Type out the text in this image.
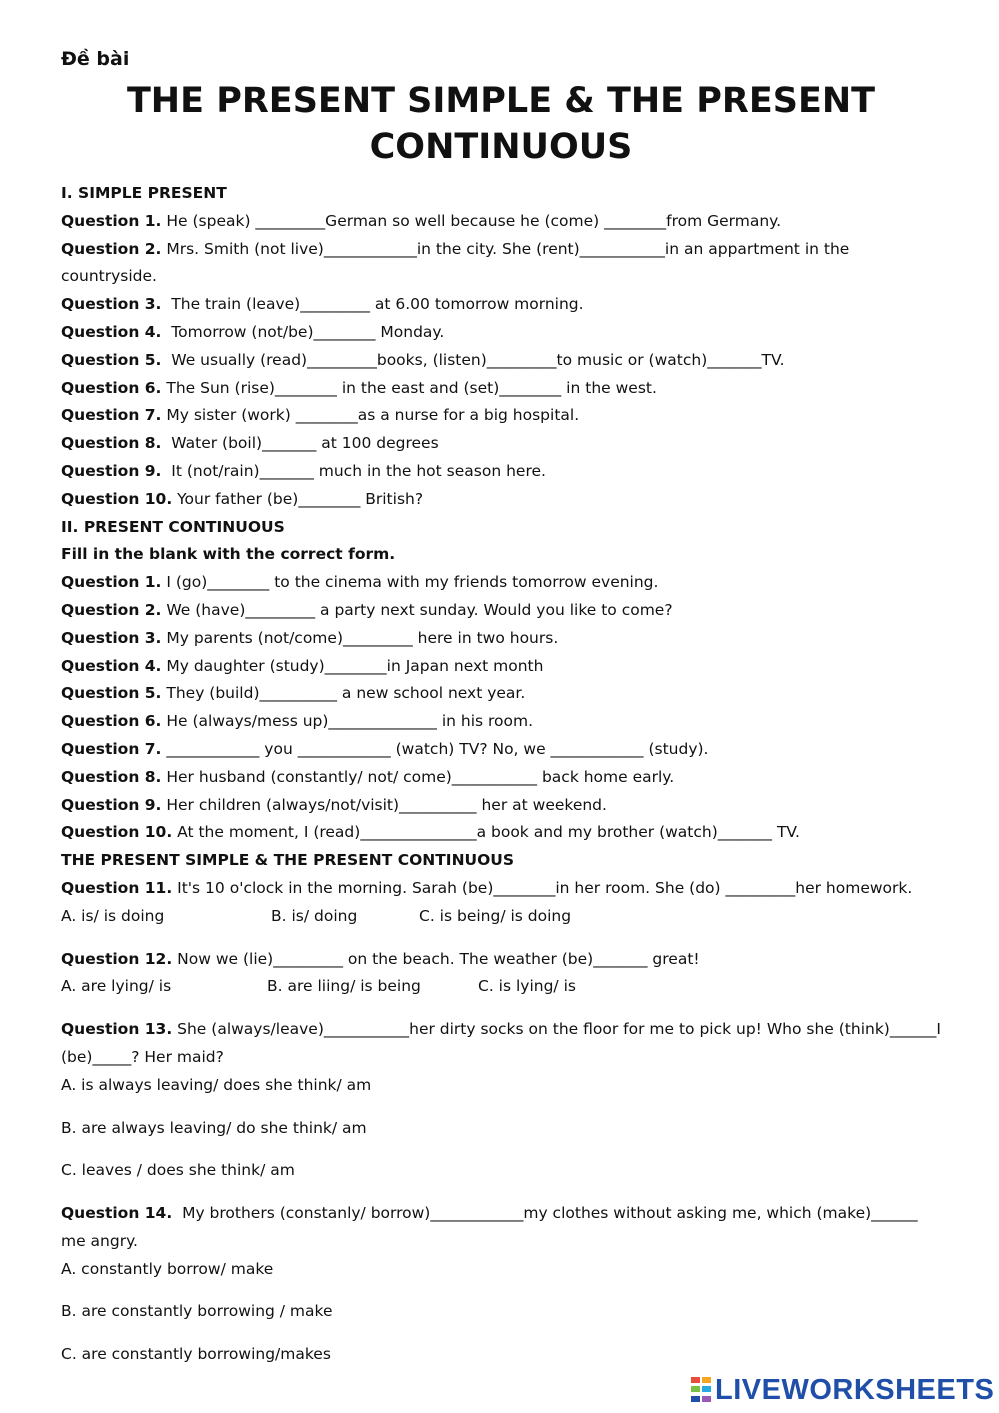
Đề bài
THE PRESENT SIMPLE & THE PRESENT CONTINUOUS
I. SIMPLE PRESENT

Question 1. He (speak) _________German so well because he (come) ________from Germany.

Question 2. Mrs. Smith (not live)____________in the city. She (rent)___________in an appartment in the countryside.

Question 3.  The train (leave)_________ at 6.00 tomorrow morning.

Question 4.  Tomorrow (not/be)________ Monday.

Question 5.  We usually (read)_________books, (listen)_________to music or (watch)_______TV.

Question 6. The Sun (rise)________ in the east and (set)________ in the west.

Question 7. My sister (work) ________as a nurse for a big hospital.

Question 8.  Water (boil)_______ at 100 degrees

Question 9.  It (not/rain)_______ much in the hot season here.

Question 10. Your father (be)________ British?

II. PRESENT CONTINUOUS
Fill in the blank with the correct form.

Question 1. I (go)________ to the cinema with my friends tomorrow evening.

Question 2. We (have)_________ a party next sunday. Would you like to come?

Question 3. My parents (not/come)_________ here in two hours.

Question 4. My daughter (study)________in Japan next month

Question 5. They (build)__________ a new school next year.

Question 6. He (always/mess up)______________ in his room.

Question 7. ____________ you ____________ (watch) TV? No, we ____________ (study).

Question 8. Her husband (constantly/ not/ come)___________ back home early.

Question 9. Her children (always/not/visit)__________ her at weekend.

Question 10. At the moment, I (read)_______________a book and my brother (watch)_______ TV.

THE PRESENT SIMPLE & THE PRESENT CONTINUOUS

Question 11. It's 10 o'clock in the morning. Sarah (be)________in her room. She (do) _________her homework.

A. is/ is doing	B. is/ doing	C. is being/ is doing

Question 12. Now we (lie)_________ on the beach. The weather (be)_______ great!

A. are lying/ is	B. are liing/ is being	C. is lying/ is

Question 13. She (always/leave)___________her dirty socks on the floor for me to pick up! Who she (think)______I (be)_____? Her maid?

A. is always leaving/ does she think/ am
B. are always leaving/ do she think/ am
C. leaves / does she think/ am

Question 14.  My brothers (constanly/ borrow)____________my clothes without asking me, which (make)______ me angry.

A. constantly borrow/ make
B. are constantly borrowing / make
C. are constantly borrowing/makes
LIVEWORKSHEETS
